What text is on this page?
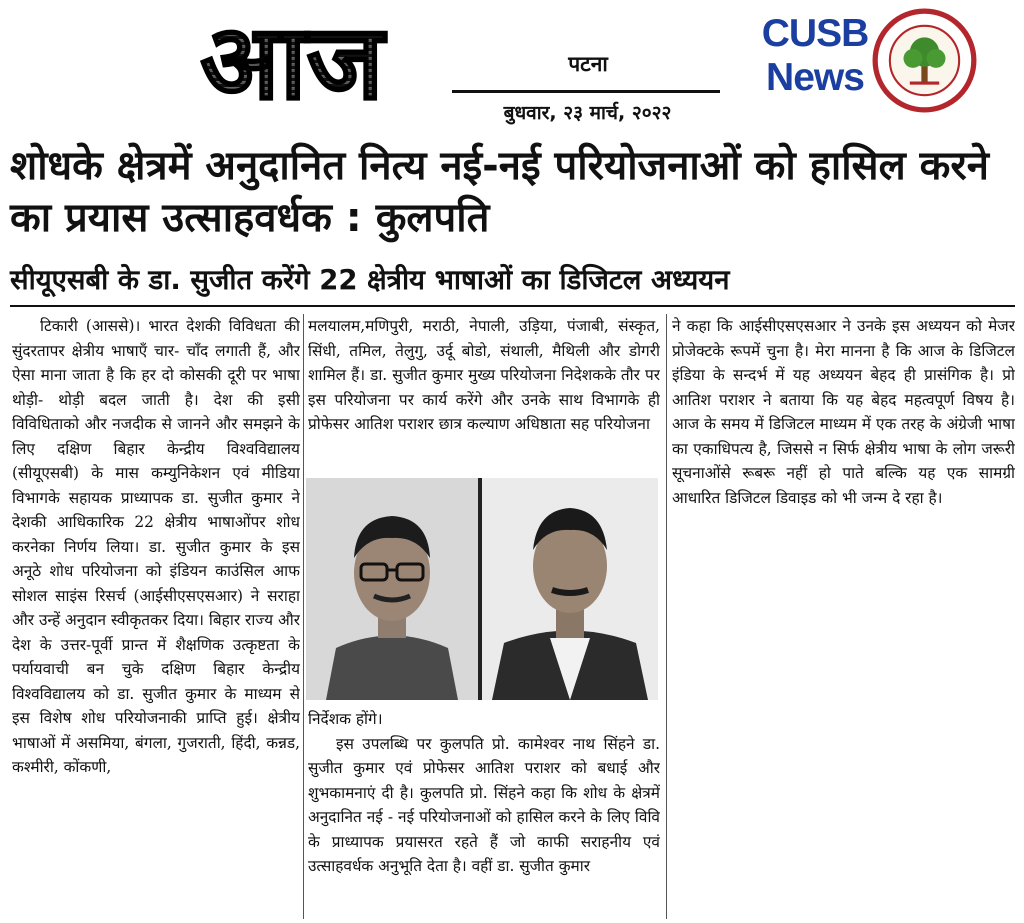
आज	पटना
बुधवार, २३ मार्च, २०२२
CUSB
News
शोधके क्षेत्रमें अनुदानित नित्य नई-नई परियोजनाओं को हासिल करने का प्रयास उत्साहवर्धक : कुलपति
सीयूएसबी के डा. सुजीत करेंगे 22 क्षेत्रीय भाषाओं का डिजिटल अध्ययन

टिकारी (आससे)। भारत देशकी विविधता की सुंदरतापर क्षेत्रीय भाषाएँ चार- चाँद लगाती हैं, और ऐसा माना जाता है कि हर दो कोसकी दूरी पर भाषा थोड़ी- थोड़ी बदल जाती है। देश की इसी विविधिताको और नजदीक से जानने और समझने के लिए दक्षिण बिहार केन्द्रीय विश्वविद्यालय (सीयूएसबी) के मास कम्युनिकेशन एवं मीडिया विभागके सहायक प्राध्यापक डा. सुजीत कुमार ने देशकी आधिकारिक 22 क्षेत्रीय भाषाओंपर शोध करनेका निर्णय लिया। डा. सुजीत कुमार के इस अनूठे शोध परियोजना को इंडियन काउंसिल आफ सोशल साइंस रिसर्च (आईसीएसएसआर) ने सराहा और उन्हें अनुदान स्वीकृतकर दिया। बिहार राज्य और देश के उत्तर-पूर्वी प्रान्त में शैक्षणिक उत्कृष्टता के पर्यायवाची बन चुके दक्षिण बिहार केन्द्रीय विश्वविद्यालय को डा. सुजीत कुमार के माध्यम से इस विशेष शोध परियोजनाकी प्राप्ति हुई। क्षेत्रीय भाषाओं में असमिया, बंगला, गुजराती, हिंदी, कन्नड, कश्मीरी, कोंकणी,

मलयालम,मणिपुरी, मराठी, नेपाली, उड़िया, पंजाबी, संस्कृत, सिंधी, तमिल, तेलुगु, उर्दू बोडो, संथाली, मैथिली और डोगरी शामिल हैं। डा. सुजीत कुमार मुख्य परियोजना निदेशकके तौर पर इस परियोजना पर कार्य करेंगे और उनके साथ विभागके ही प्रोफेसर आतिश पराशर छात्र कल्याण अधिष्ठाता सह परियोजना

निर्देशक होंगे।

इस उपलब्धि पर कुलपति प्रो. कामेश्वर नाथ सिंहने डा. सुजीत कुमार एवं प्रोफेसर आतिश पराशर को बधाई और शुभकामनाएं दी है। कुलपति प्रो. सिंहने कहा कि शोध के क्षेत्रमें अनुदानित नई - नई परियोजनाओं को हासिल करने के लिए विवि के प्राध्यापक प्रयासरत रहते हैं जो काफी सराहनीय एवं उत्साहवर्धक अनुभूति देता है। वहीं डा. सुजीत कुमार

ने कहा कि आईसीएसएसआर ने उनके इस अध्ययन को मेजर प्रोजेक्टके रूपमें चुना है। मेरा मानना है कि आज के डिजिटल इंडिया के सन्दर्भ में यह अध्ययन बेहद ही प्रासंगिक है। प्रो आतिश पराशर ने बताया कि यह बेहद महत्वपूर्ण विषय है। आज के समय में डिजिटल माध्यम में एक तरह के अंग्रेजी भाषा का एकाधिपत्य है, जिससे न सिर्फ क्षेत्रीय भाषा के लोग जरूरी सूचनाओंसे रूबरू नहीं हो पाते बल्कि यह एक सामग्री आधारित डिजिटल डिवाइड को भी जन्म दे रहा है।
